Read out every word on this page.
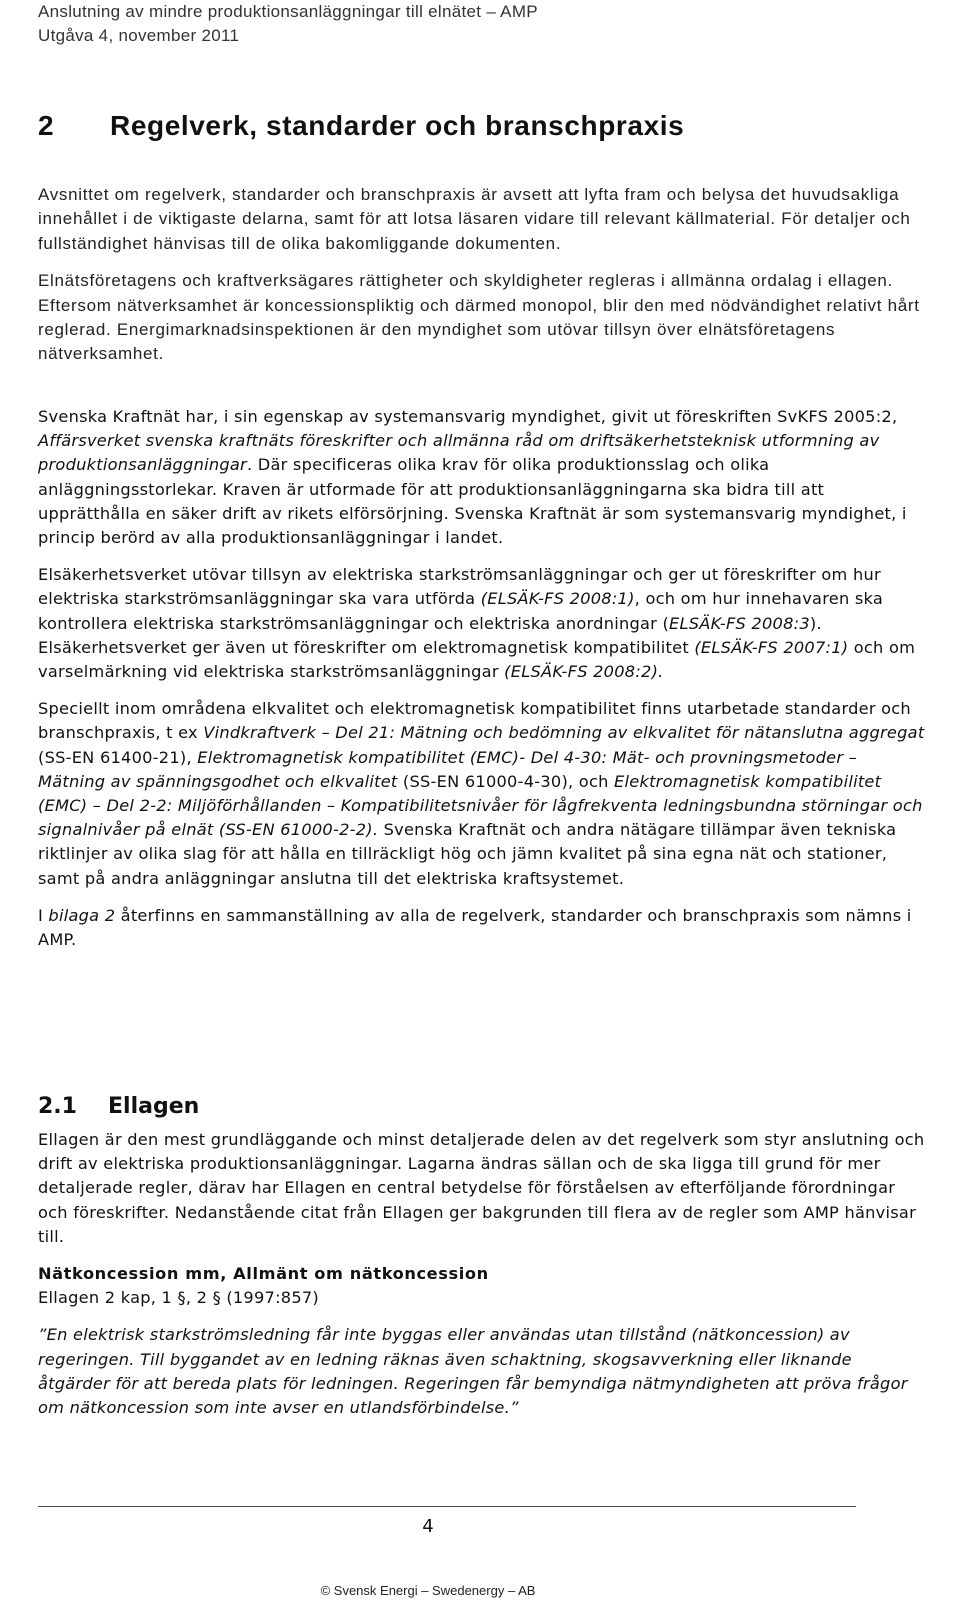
Anslutning av mindre produktionsanläggningar till elnätet – AMP
Utgåva 4, november 2011
2 Regelverk, standarder och branschpraxis

Avsnittet om regelverk, standarder och branschpraxis är avsett att lyfta fram och belysa det huvudsakliga innehållet i de viktigaste delarna, samt för att lotsa läsaren vidare till relevant källmaterial. För detaljer och fullständighet hänvisas till de olika bakomliggande dokumenten.

Elnätsföretagens och kraftverksägares rättigheter och skyldigheter regleras i allmänna ordalag i ellagen. Eftersom nätverksamhet är koncessionspliktig och därmed monopol, blir den med nödvändighet relativt hårt reglerad. Energimarknadsinspektionen är den myndighet som utövar tillsyn över elnätsföretagens nätverksamhet.

Svenska Kraftnät har, i sin egenskap av systemansvarig myndighet, givit ut föreskriften SvKFS 2005:2, Affärsverket svenska kraftnäts föreskrifter och allmänna råd om driftsäkerhetsteknisk utformning av produktionsanläggningar. Där specificeras olika krav för olika produktionsslag och olika anläggningsstorlekar. Kraven är utformade för att produktionsanläggningarna ska bidra till att upprätthålla en säker drift av rikets elförsörjning. Svenska Kraftnät är som systemansvarig myndighet, i princip berörd av alla produktionsanläggningar i landet.

Elsäkerhetsverket utövar tillsyn av elektriska starkströmsanläggningar och ger ut föreskrifter om hur elektriska starkströmsanläggningar ska vara utförda (ELSÄK-FS 2008:1), och om hur innehavaren ska kontrollera elektriska starkströmsanläggningar och elektriska anordningar (ELSÄK-FS 2008:3). Elsäkerhetsverket ger även ut föreskrifter om elektromagnetisk kompatibilitet (ELSÄK-FS 2007:1) och om varselmärkning vid elektriska starkströmsanläggningar (ELSÄK-FS 2008:2).

Speciellt inom områdena elkvalitet och elektromagnetisk kompatibilitet finns utarbetade standarder och branschpraxis, t ex Vindkraftverk – Del 21: Mätning och bedömning av elkvalitet för nätanslutna aggregat (SS-EN 61400-21), Elektromagnetisk kompatibilitet (EMC)- Del 4-30: Mät- och provningsmetoder – Mätning av spänningsgodhet och elkvalitet (SS-EN 61000-4-30), och Elektromagnetisk kompatibilitet (EMC) – Del 2-2: Miljöförhållanden – Kompatibilitetsnivåer för lågfrekventa ledningsbundna störningar och signalnivåer på elnät (SS-EN 61000-2-2). Svenska Kraftnät och andra nätägare tillämpar även tekniska riktlinjer av olika slag för att hålla en tillräckligt hög och jämn kvalitet på sina egna nät och stationer, samt på andra anläggningar anslutna till det elektriska kraftsystemet.

I bilaga 2 återfinns en sammanställning av alla de regelverk, standarder och branschpraxis som nämns i AMP.

2.1 Ellagen

Ellagen är den mest grundläggande och minst detaljerade delen av det regelverk som styr anslutning och drift av elektriska produktionsanläggningar. Lagarna ändras sällan och de ska ligga till grund för mer detaljerade regler, därav har Ellagen en central betydelse för förståelsen av efterföljande förordningar och föreskrifter. Nedanstående citat från Ellagen ger bakgrunden till flera av de regler som AMP hänvisar till.

Nätkoncession mm, Allmänt om nätkoncession
Ellagen 2 kap, 1 §, 2 § (1997:857)
”En elektrisk starkströmsledning får inte byggas eller användas utan tillstånd (nätkoncession) av regeringen. Till byggandet av en ledning räknas även schaktning, skogsavverkning eller liknande åtgärder för att bereda plats för ledningen. Regeringen får bemyndiga nätmyndigheten att pröva frågor om nätkoncession som inte avser en utlandsförbindelse.”
4
© Svensk Energi – Swedenergy – AB
